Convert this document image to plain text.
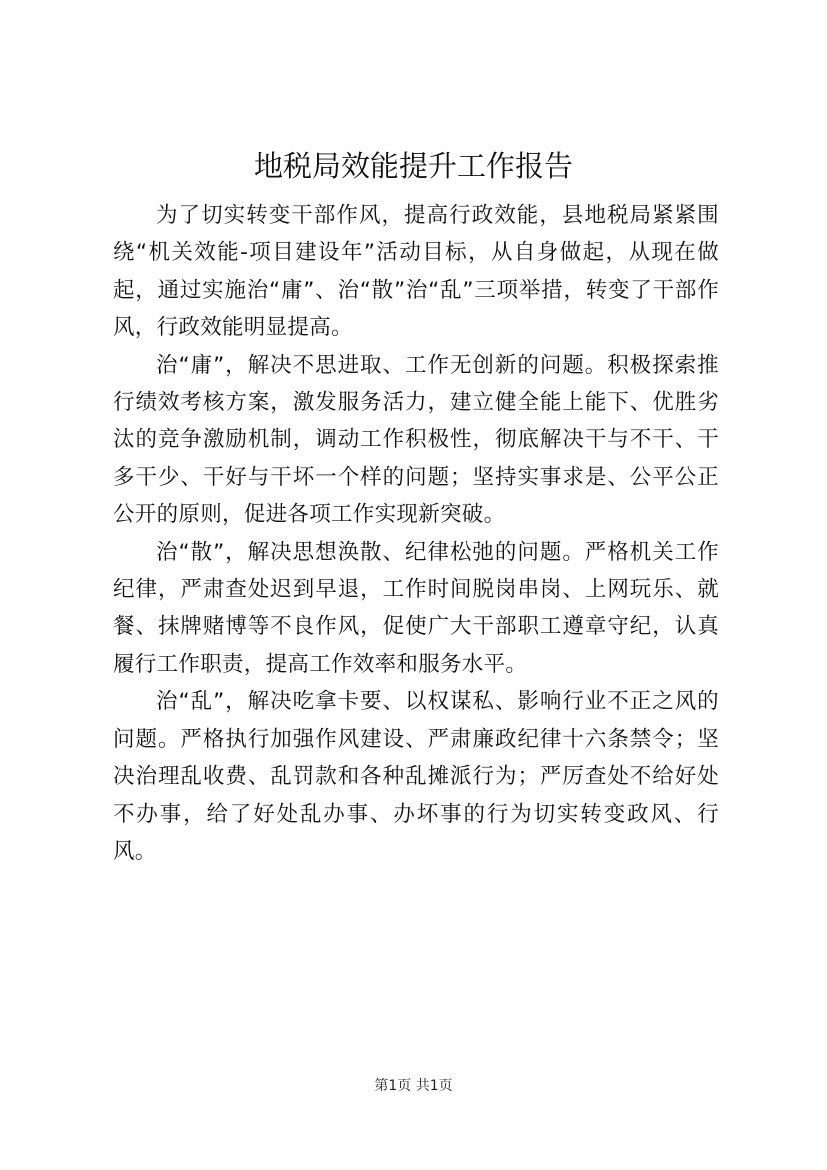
地税局效能提升工作报告

为了切实转变干部作风，提高行政效能，县地税局紧紧围绕“机关效能-项目建设年”活动目标，从自身做起，从现在做起，通过实施治“庸”、治“散”治“乱”三项举措，转变了干部作风，行政效能明显提高。

治“庸”，解决不思进取、工作无创新的问题。积极探索推行绩效考核方案，激发服务活力，建立健全能上能下、优胜劣汰的竞争激励机制，调动工作积极性，彻底解决干与不干、干多干少、干好与干坏一个样的问题；坚持实事求是、公平公正公开的原则，促进各项工作实现新突破。

治“散”，解决思想涣散、纪律松弛的问题。严格机关工作纪律，严肃查处迟到早退，工作时间脱岗串岗、上网玩乐、就餐、抹牌赌博等不良作风，促使广大干部职工遵章守纪，认真履行工作职责，提高工作效率和服务水平。

治“乱”，解决吃拿卡要、以权谋私、影响行业不正之风的问题。严格执行加强作风建设、严肃廉政纪律十六条禁令；坚决治理乱收费、乱罚款和各种乱摊派行为；严厉查处不给好处不办事，给了好处乱办事、办坏事的行为切实转变政风、行风。

第1页 共1页
